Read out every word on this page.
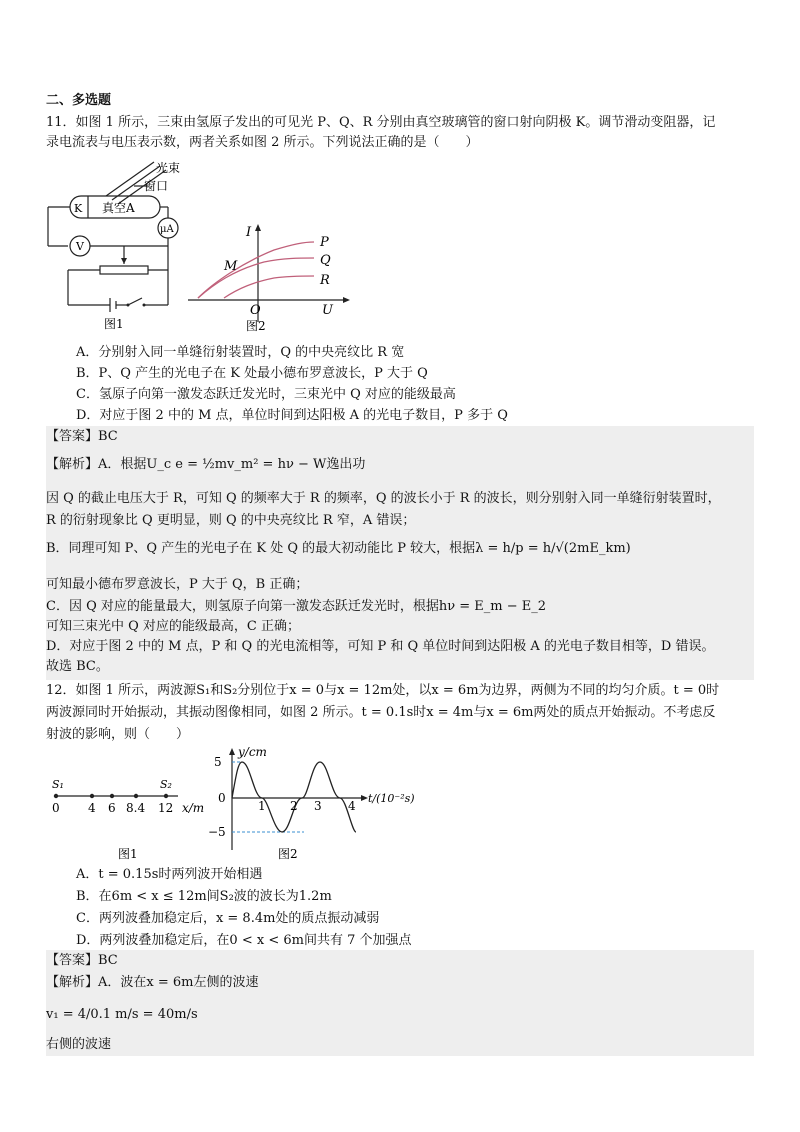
二、多选题
11．如图 1 所示，三束由氢原子发出的可见光 P、Q、R 分别由真空玻璃管的窗口射向阴极 K。调节滑动变阻器，记
录电流表与电压表示数，两者关系如图 2 所示。下列说法正确的是（　　）
光束
窗口
K 真空A
μA
V
图1
I
P
Q
R
M
O	U
图2
A．分别射入同一单缝衍射装置时，Q 的中央亮纹比 R 宽
B．P、Q 产生的光电子在 K 处最小德布罗意波长，P 大于 Q
C．氢原子向第一激发态跃迁发光时，三束光中 Q 对应的能级最高
D．对应于图 2 中的 M 点，单位时间到达阳极 A 的光电子数目，P 多于 Q
【答案】BC
【解析】A．根据U_c e = ½mv_m² = hν − W逸出功
因 Q 的截止电压大于 R，可知 Q 的频率大于 R 的频率，Q 的波长小于 R 的波长，则分别射入同一单缝衍射装置时，
R 的衍射现象比 Q 更明显，则 Q 的中央亮纹比 R 窄，A 错误；
B．同理可知 P、Q 产生的光电子在 K 处 Q 的最大初动能比 P 较大，根据λ = h/p = h/√(2mE_km)
可知最小德布罗意波长，P 大于 Q，B 正确；
C．因 Q 对应的能量最大，则氢原子向第一激发态跃迁发光时，根据hν = E_m − E_2
可知三束光中 Q 对应的能级最高，C 正确；
D．对应于图 2 中的 M 点，P 和 Q 的光电流相等，可知 P 和 Q 单位时间到达阳极 A 的光电子数目相等，D 错误。
故选 BC。
12．如图 1 所示，两波源S₁和S₂分别位于x = 0与x = 12m处，以x = 6m为边界，两侧为不同的均匀介质。t = 0时
两波源同时开始振动，其振动图像相同，如图 2 所示。t = 0.1s时x = 4m与x = 6m两处的质点开始振动。不考虑反
射波的影响，则（　　）
S₁	S₂
0 4 6 8.4 12 x/m
图1
y/cm
5
0
−5
1 2 3 4
t/(10⁻²s)
图2
A．t = 0.15s时两列波开始相遇
B．在6m < x ≤ 12m间S₂波的波长为1.2m
C．两列波叠加稳定后，x = 8.4m处的质点振动减弱
D．两列波叠加稳定后，在0 < x < 6m间共有 7 个加强点
【答案】BC
【解析】A．波在x = 6m左侧的波速
v₁ = 4/0.1 m/s = 40m/s
右侧的波速
